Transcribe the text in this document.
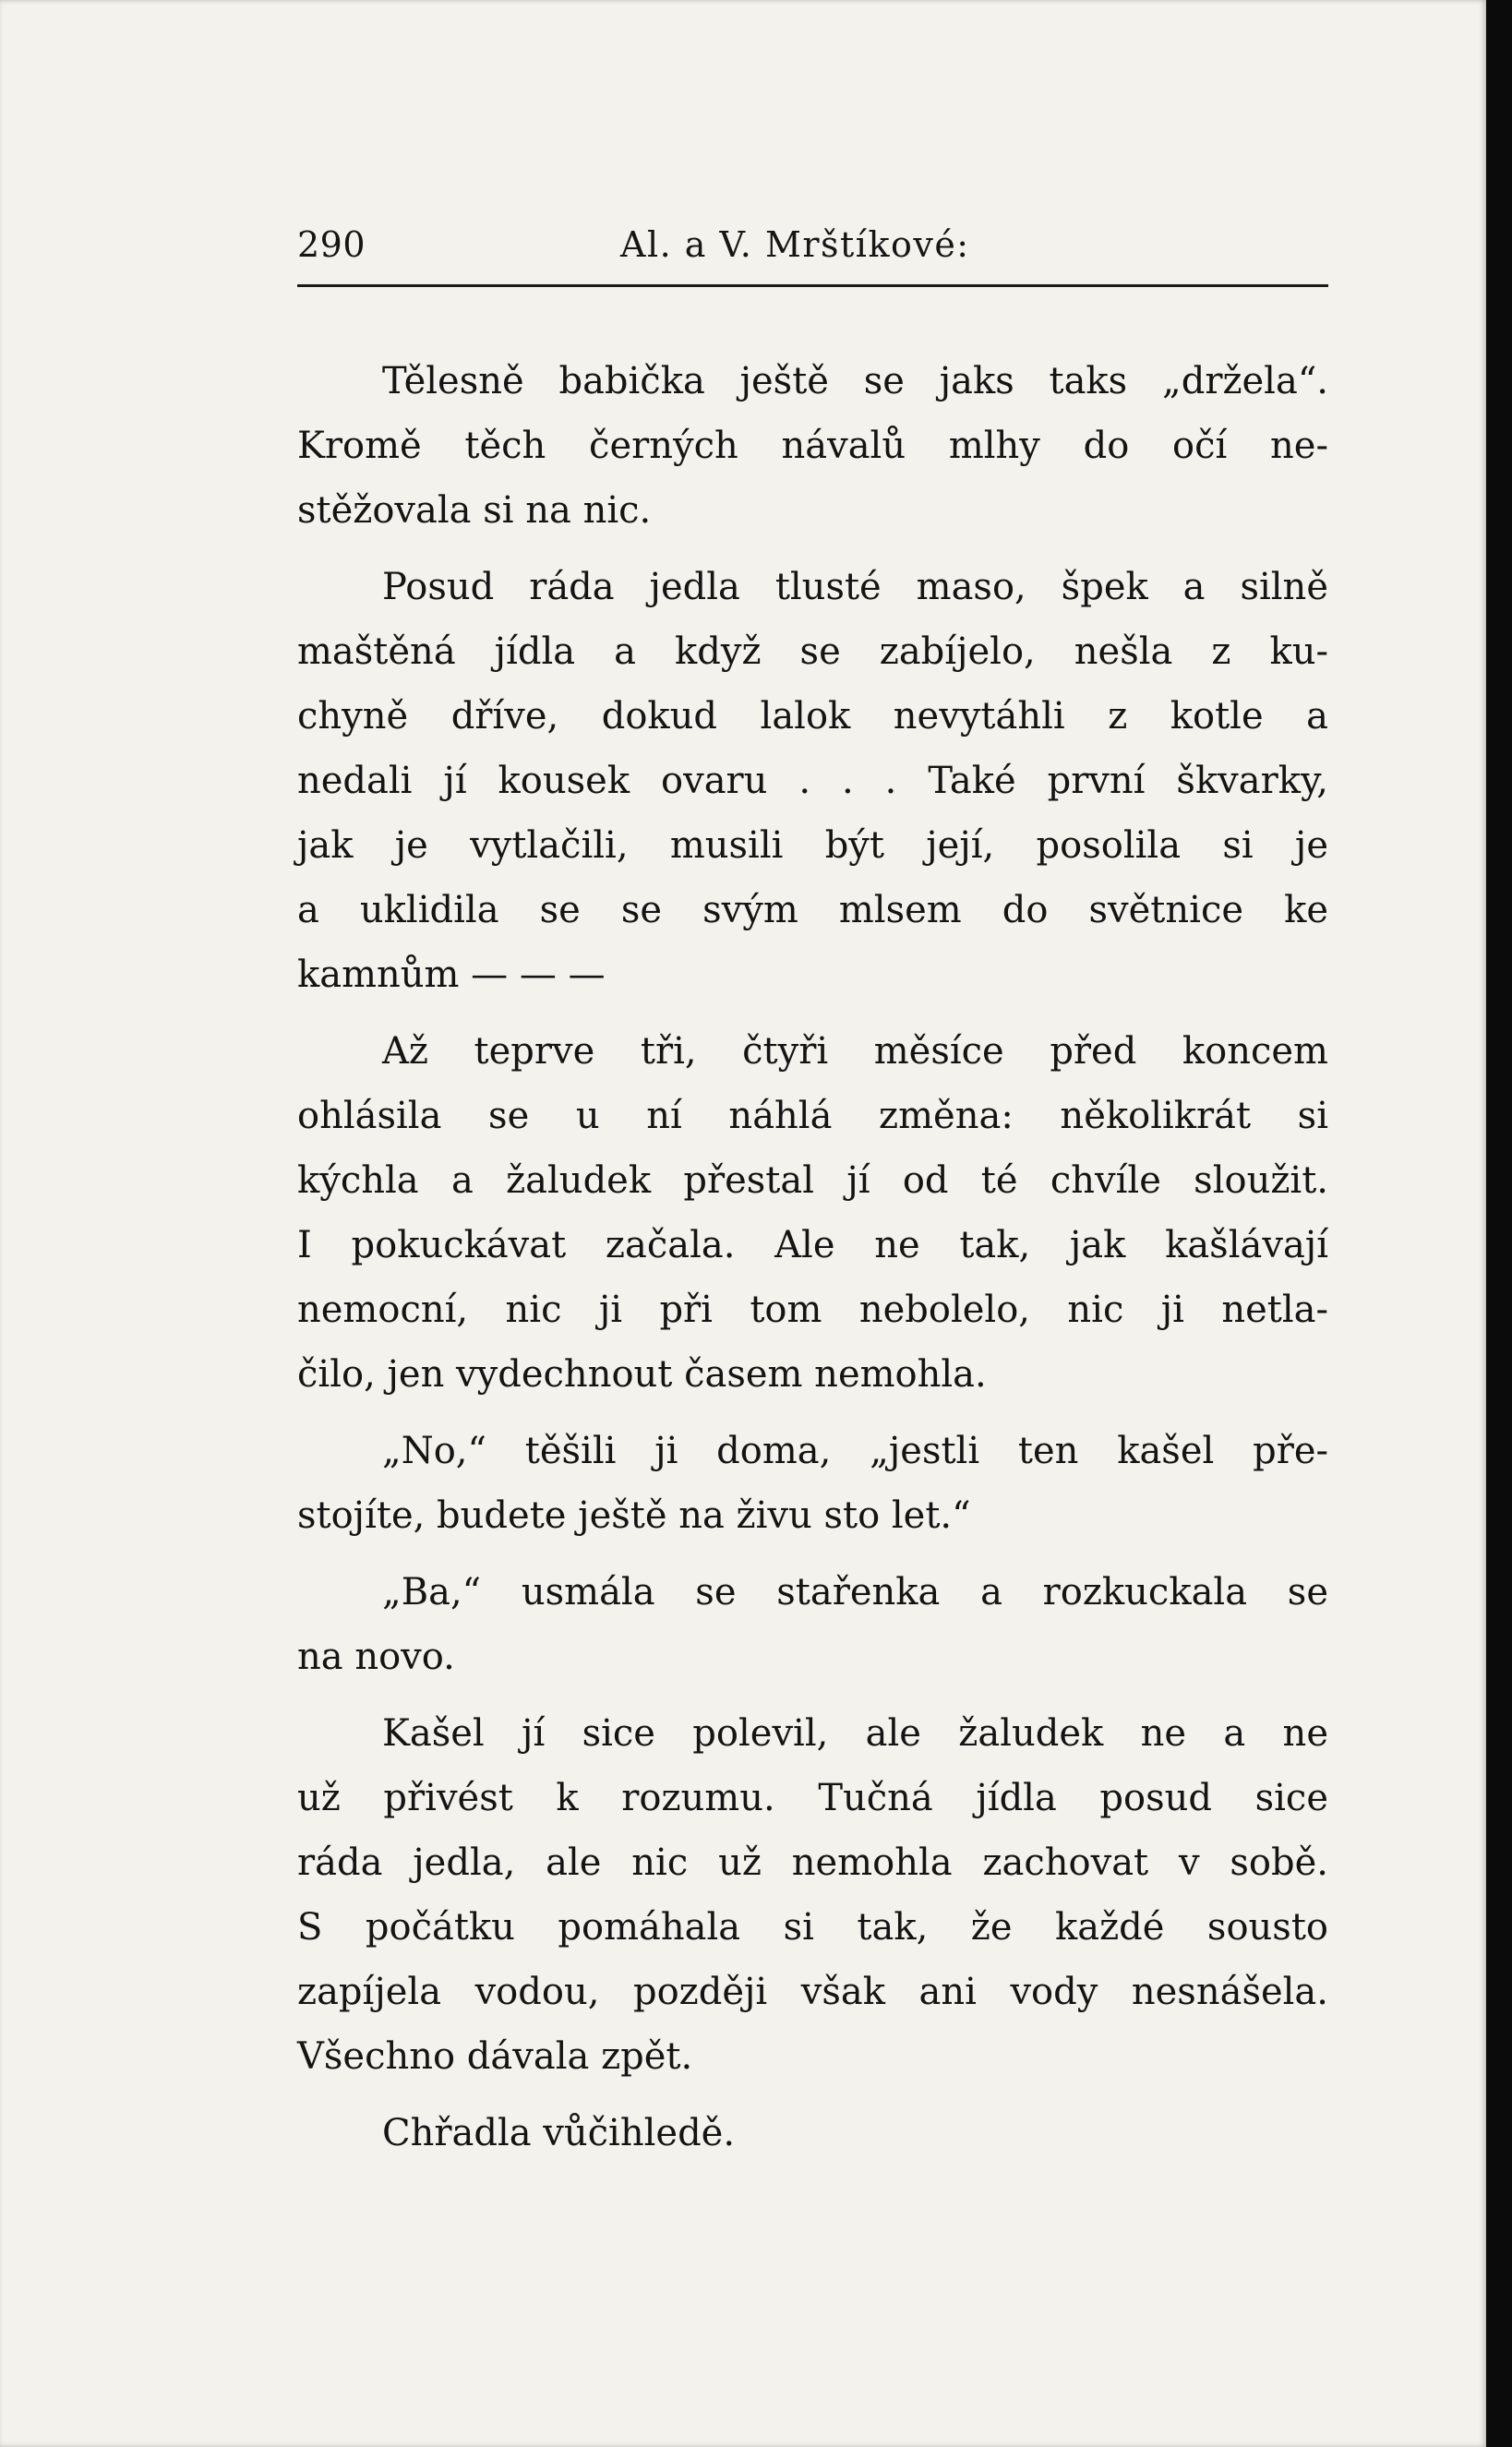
290	Al. a V. Mrštíkové:

Tělesně babička ještě se jaks taks „držela“.
Kromě těch černých návalů mlhy do očí ne-
stěžovala si na nic.

Posud ráda jedla tlusté maso, špek a silně
maštěná jídla a když se zabíjelo, nešla z ku-
chyně dříve, dokud lalok nevytáhli z kotle a
nedali jí kousek ovaru . . . Také první škvarky,
jak je vytlačili, musili být její, posolila si je
a uklidila se se svým mlsem do světnice ke
kamnům — — —

Až teprve tři, čtyři měsíce před koncem
ohlásila se u ní náhlá změna: několikrát si
kýchla a žaludek přestal jí od té chvíle sloužit.
I pokuckávat začala. Ale ne tak, jak kašlávají
nemocní, nic ji při tom nebolelo, nic ji netla-
čilo, jen vydechnout časem nemohla.

„No,“ těšili ji doma, „jestli ten kašel pře-
stojíte, budete ještě na živu sto let.“

„Ba,“ usmála se stařenka a rozkuckala se
na novo.

Kašel jí sice polevil, ale žaludek ne a ne
už přivést k rozumu. Tučná jídla posud sice
ráda jedla, ale nic už nemohla zachovat v sobě.
S počátku pomáhala si tak, že každé sousto
zapíjela vodou, později však ani vody nesnášela.
Všechno dávala zpět.

Chřadla vůčihledě.
